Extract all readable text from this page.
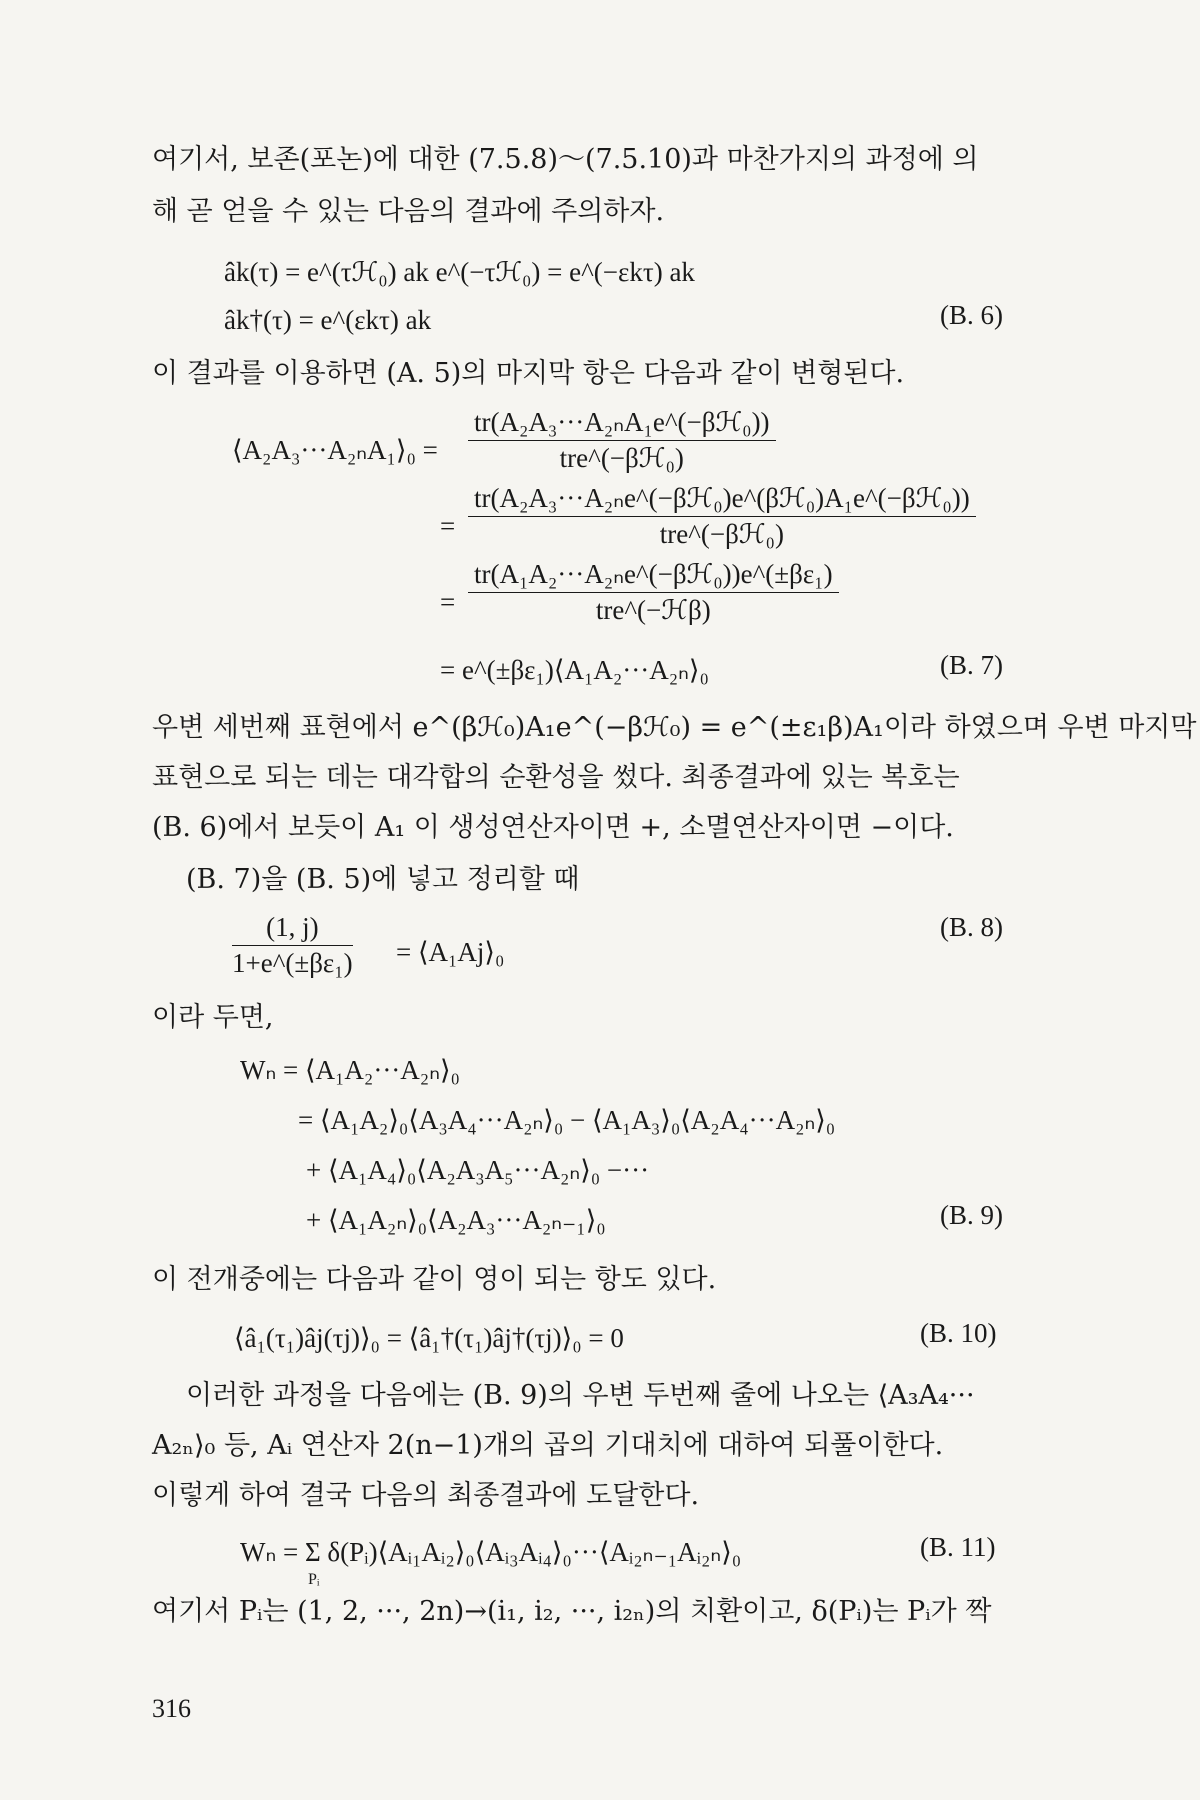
여기서, 보존(포논)에 대한 (7.5.8)～(7.5.10)과 마찬가지의 과정에 의
해 곧 얻을 수 있는 다음의 결과에 주의하자.
âk(τ) = e^(τℋ₀) ak e^(−τℋ₀) = e^(−εkτ) ak
âk†(τ) = e^(εkτ) ak	(B. 6)
이 결과를 이용하면 (A. 5)의 마지막 항은 다음과 같이 변형된다.
⟨A₂A₃···A₂ₙA₁⟩₀ =
tr(A₂A₃···A₂ₙA₁e^(−βℋ₀))
tre^(−βℋ₀)
=
tr(A₂A₃···A₂ₙe^(−βℋ₀)e^(βℋ₀)A₁e^(−βℋ₀))
tre^(−βℋ₀)
=
tr(A₁A₂···A₂ₙe^(−βℋ₀))e^(±βε₁)
tre^(−ℋβ)
= e^(±βε₁)⟨A₁A₂···A₂ₙ⟩₀	(B. 7)
우변 세번째 표현에서 e^(βℋ₀)A₁e^(−βℋ₀) = e^(±ε₁β)A₁이라 하였으며 우변 마지막
표현으로 되는 데는 대각합의 순환성을 썼다. 최종결과에 있는 복호는
(B. 6)에서 보듯이 A₁ 이 생성연산자이면 +, 소멸연산자이면 −이다.
(B. 7)을 (B. 5)에 넣고 정리할 때
(1, j)
1+e^(±βε₁) = ⟨A₁Aj⟩₀
(B. 8)
이라 두면,
Wₙ = ⟨A₁A₂···A₂ₙ⟩₀
= ⟨A₁A₂⟩₀⟨A₃A₄···A₂ₙ⟩₀ − ⟨A₁A₃⟩₀⟨A₂A₄···A₂ₙ⟩₀
+ ⟨A₁A₄⟩₀⟨A₂A₃A₅···A₂ₙ⟩₀ −···
+ ⟨A₁A₂ₙ⟩₀⟨A₂A₃···A₂ₙ₋₁⟩₀	(B. 9)
이 전개중에는 다음과 같이 영이 되는 항도 있다.
⟨â₁(τ₁)âj(τj)⟩₀ = ⟨â₁†(τ₁)âj†(τj)⟩₀ = 0	(B. 10)
이러한 과정을 다음에는 (B. 9)의 우변 두번째 줄에 나오는 ⟨A₃A₄···
A₂ₙ⟩₀ 등, Aᵢ 연산자 2(n−1)개의 곱의 기대치에 대하여 되풀이한다.
이렇게 하여 결국 다음의 최종결과에 도달한다.
Wₙ = Σ δ(Pᵢ)⟨Aᵢ₁Aᵢ₂⟩₀⟨Aᵢ₃Aᵢ₄⟩₀···⟨Aᵢ₂ₙ₋₁Aᵢ₂ₙ⟩₀
Pᵢ
(B. 11)
여기서 Pᵢ는 (1, 2, ···, 2n)→(i₁, i₂, ···, i₂ₙ)의 치환이고, δ(Pᵢ)는 Pᵢ가 짝
316
